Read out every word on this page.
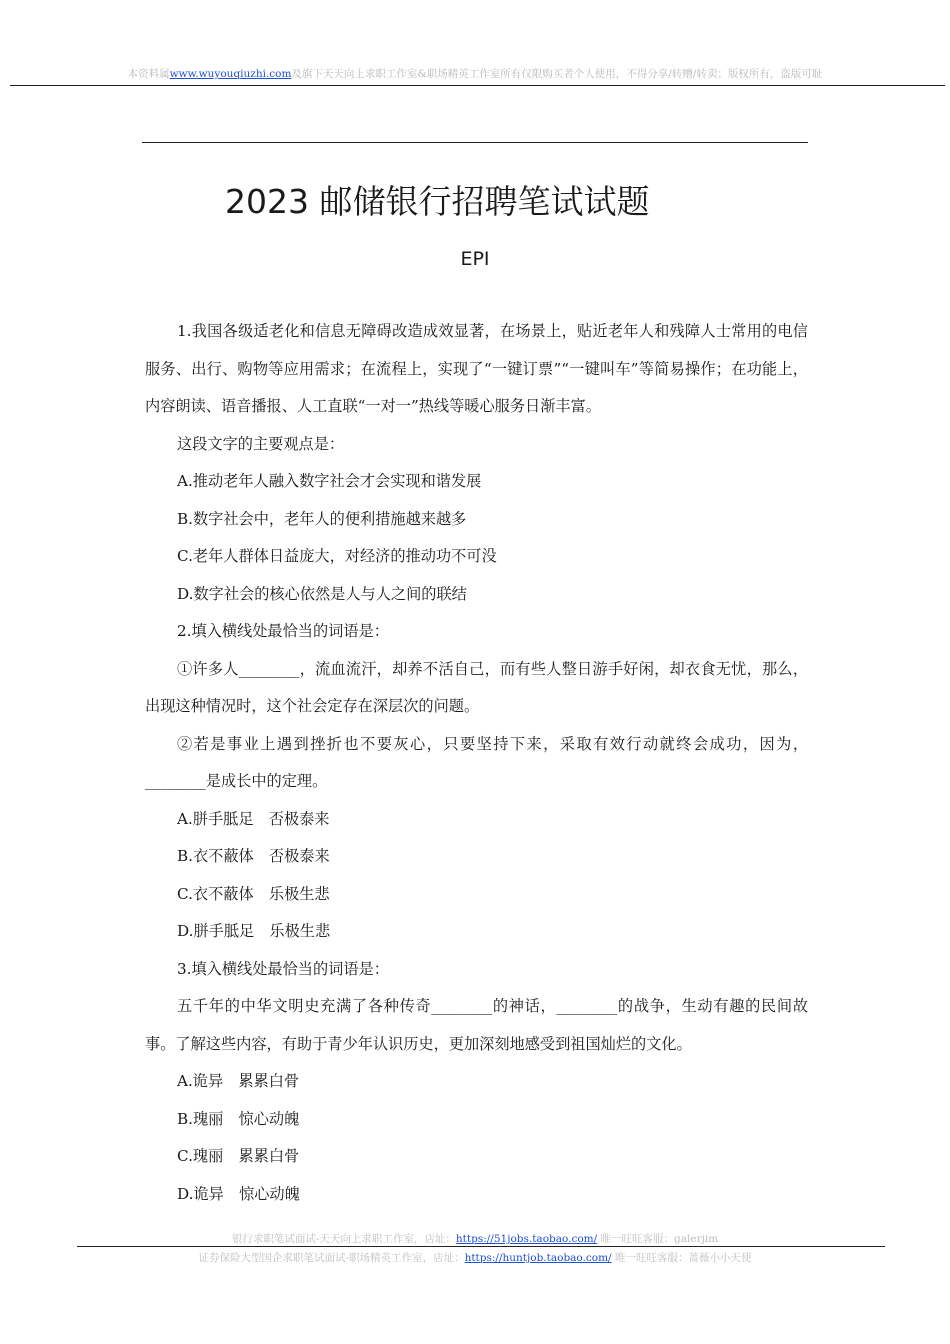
本资料属www.wuyouqiuzhi.com及旗下天天向上求职工作室&职场精英工作室所有仅限购买者个人使用，不得分享/转赠/转卖；版权所有，盗版可耻
2023 邮储银行招聘笔试试题
EPI

1.我国各级适老化和信息无障碍改造成效显著，在场景上，贴近老年人和残障人士常用的电信服务、出行、购物等应用需求；在流程上，实现了“一键订票”“一键叫车”等简易操作；在功能上，内容朗读、语音播报、人工直联“一对一”热线等暖心服务日渐丰富。

这段文字的主要观点是：

A.推动老年人融入数字社会才会实现和谐发展

B.数字社会中，老年人的便利措施越来越多

C.老年人群体日益庞大，对经济的推动功不可没

D.数字社会的核心依然是人与人之间的联结

2.填入横线处最恰当的词语是：

①许多人________，流血流汗，却养不活自己，而有些人整日游手好闲，却衣食无忧，那么，出现这种情况时，这个社会定存在深层次的问题。

②若是事业上遇到挫折也不要灰心，只要坚持下来，采取有效行动就终会成功，因为，________是成长中的定理。

A.胼手胝足　否极泰来

B.衣不蔽体　否极泰来

C.衣不蔽体　乐极生悲

D.胼手胝足　乐极生悲

3.填入横线处最恰当的词语是：

五千年的中华文明史充满了各种传奇________的神话，________的战争，生动有趣的民间故事。了解这些内容，有助于青少年认识历史，更加深刻地感受到祖国灿烂的文化。

A.诡异　累累白骨

B.瑰丽　惊心动魄

C.瑰丽　累累白骨

D.诡异　惊心动魄

银行求职笔试面试-天天向上求职工作室，店址：https://51jobs.taobao.com/ 唯一旺旺客服：galerjim
证券保险大型国企求职笔试面试-职场精英工作室，店址：https://huntjob.taobao.com/ 唯一旺旺客服：蔷薇小小天使
